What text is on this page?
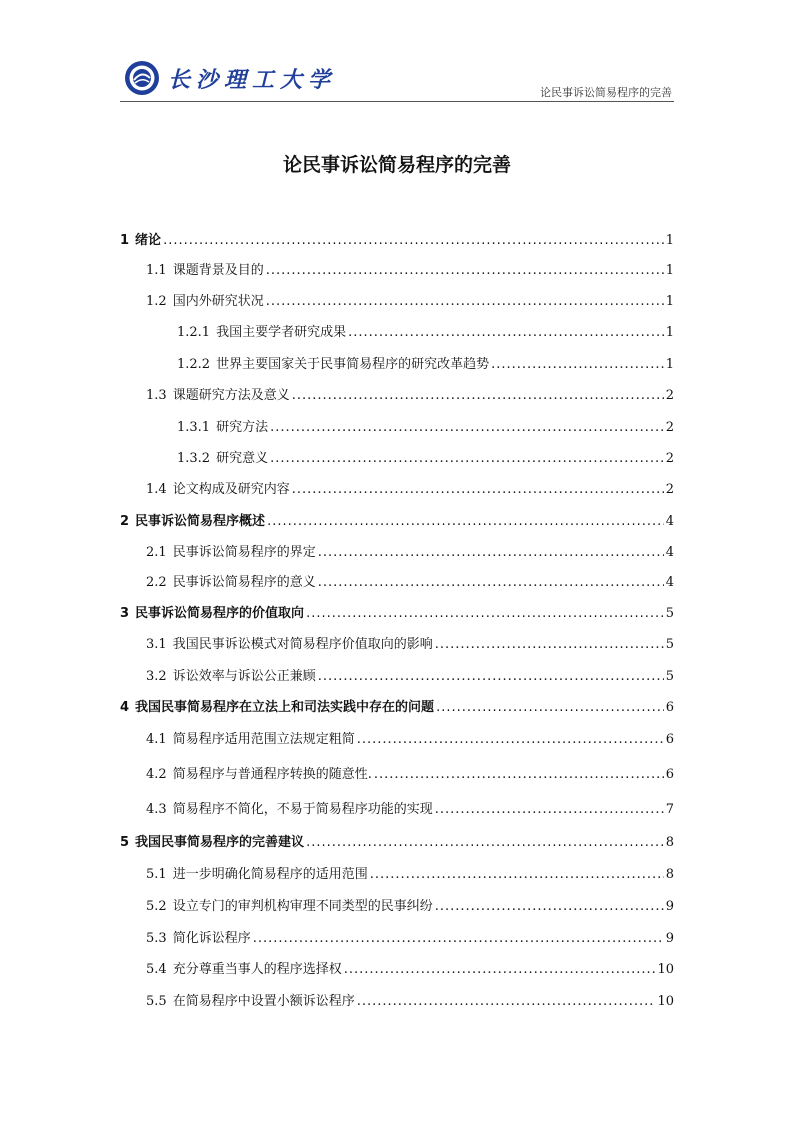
长沙理工大学	论民事诉讼简易程序的完善
论民事诉讼简易程序的完善
1 绪论 .....	1
1.1 课题背景及目的 .....	1
1.2 国内外研究状况 .....	1
1.2.1 我国主要学者研究成果 .....	1
1.2.2 世界主要国家关于民事简易程序的研究改革趋势 .....	1
1.3 课题研究方法及意义 .....	2
1.3.1 研究方法 .....	2
1.3.2 研究意义 .....	2
1.4 论文构成及研究内容 .....	2
2 民事诉讼简易程序概述 .....	4
2.1 民事诉讼简易程序的界定 .....	4
2.2 民事诉讼简易程序的意义 .....	4
3 民事诉讼简易程序的价值取向 .....	5
3.1 我国民事诉讼模式对简易程序价值取向的影响 .....	5
3.2 诉讼效率与诉讼公正兼顾 .....	5
4 我国民事简易程序在立法上和司法实践中存在的问题 .....	6
4.1 简易程序适用范围立法规定粗简 .....	6
4.2 简易程序与普通程序转换的随意性. .....	6
4.3 简易程序不简化，不易于简易程序功能的实现 .....	7
5 我国民事简易程序的完善建议 .....	8
5.1 进一步明确化简易程序的适用范围 .....	8
5.2 设立专门的审判机构审理不同类型的民事纠纷 .....	9
5.3 简化诉讼程序 .....	9
5.4 充分尊重当事人的程序选择权 .....	10
5.5 在简易程序中设置小额诉讼程序 .....	10
